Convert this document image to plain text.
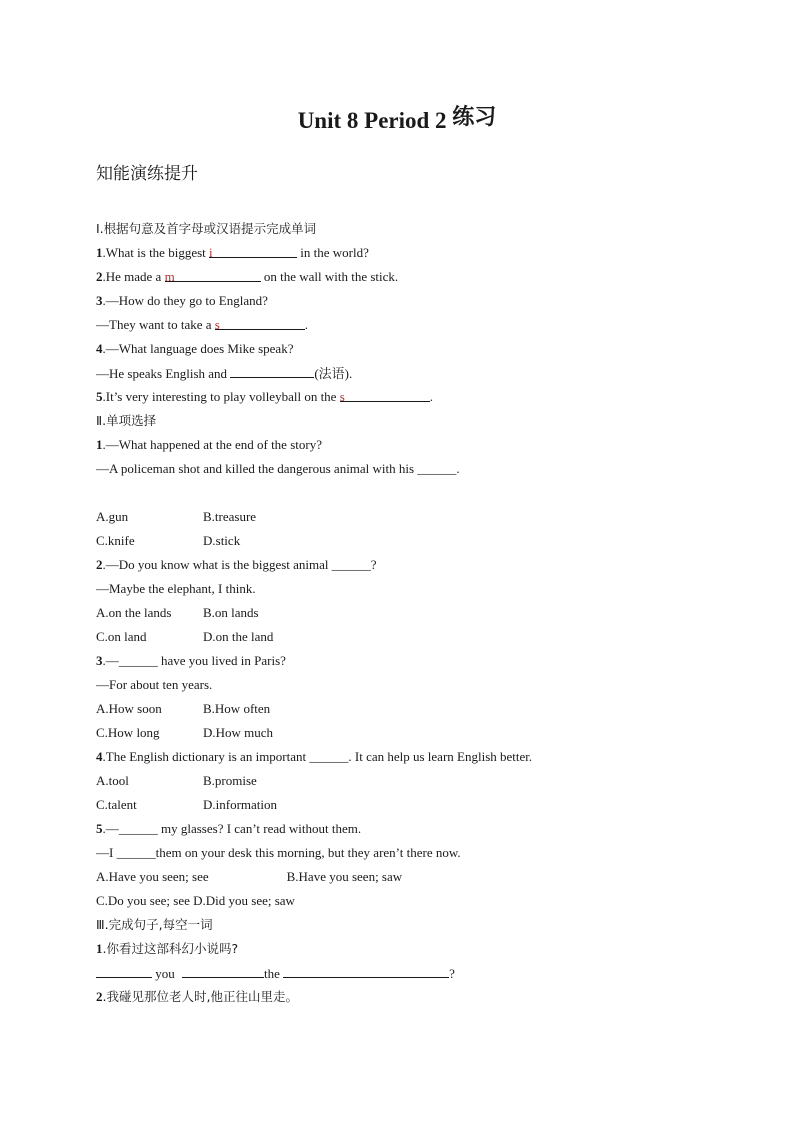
Unit 8 Period 2 练习
知能演练提升
Ⅰ.根据句意及首字母或汉语提示完成单词
1.What is the biggest i	in the world?
2.He made a m	on the wall with the stick.
3.—How do they go to England?
—They want to take a s	.
4.—What language does Mike speak?
—He speaks English and	(法语).
5.It’s very interesting to play volleyball on the s	.
Ⅱ.单项选择
1.—What happened at the end of the story?
—A policeman shot and killed the dangerous animal with his ______.
A.gun	B.treasure
C.knife	D.stick
2.—Do you know what is the biggest animal ______?
—Maybe the elephant, I think.
A.on the lands B.on lands
C.on land	D.on the land
3.—______ have you lived in Paris?
—For about ten years.
A.How soon	B.How often
C.How long	D.How much
4.The English dictionary is an important ______. It can help us learn English better.
A.tool	B.promise
C.talent	D.information
5.—______ my glasses? I can’t read without them.
—I ______them on your desk this morning, but they aren’t there now.
A.Have you seen; see                        B.Have you seen; saw
C.Do you see; see D.Did you see; saw
Ⅲ.完成句子,每空一词
1.你看过这部科幻小说吗?
you	the	?
2.我碰见那位老人时,他正往山里走。
